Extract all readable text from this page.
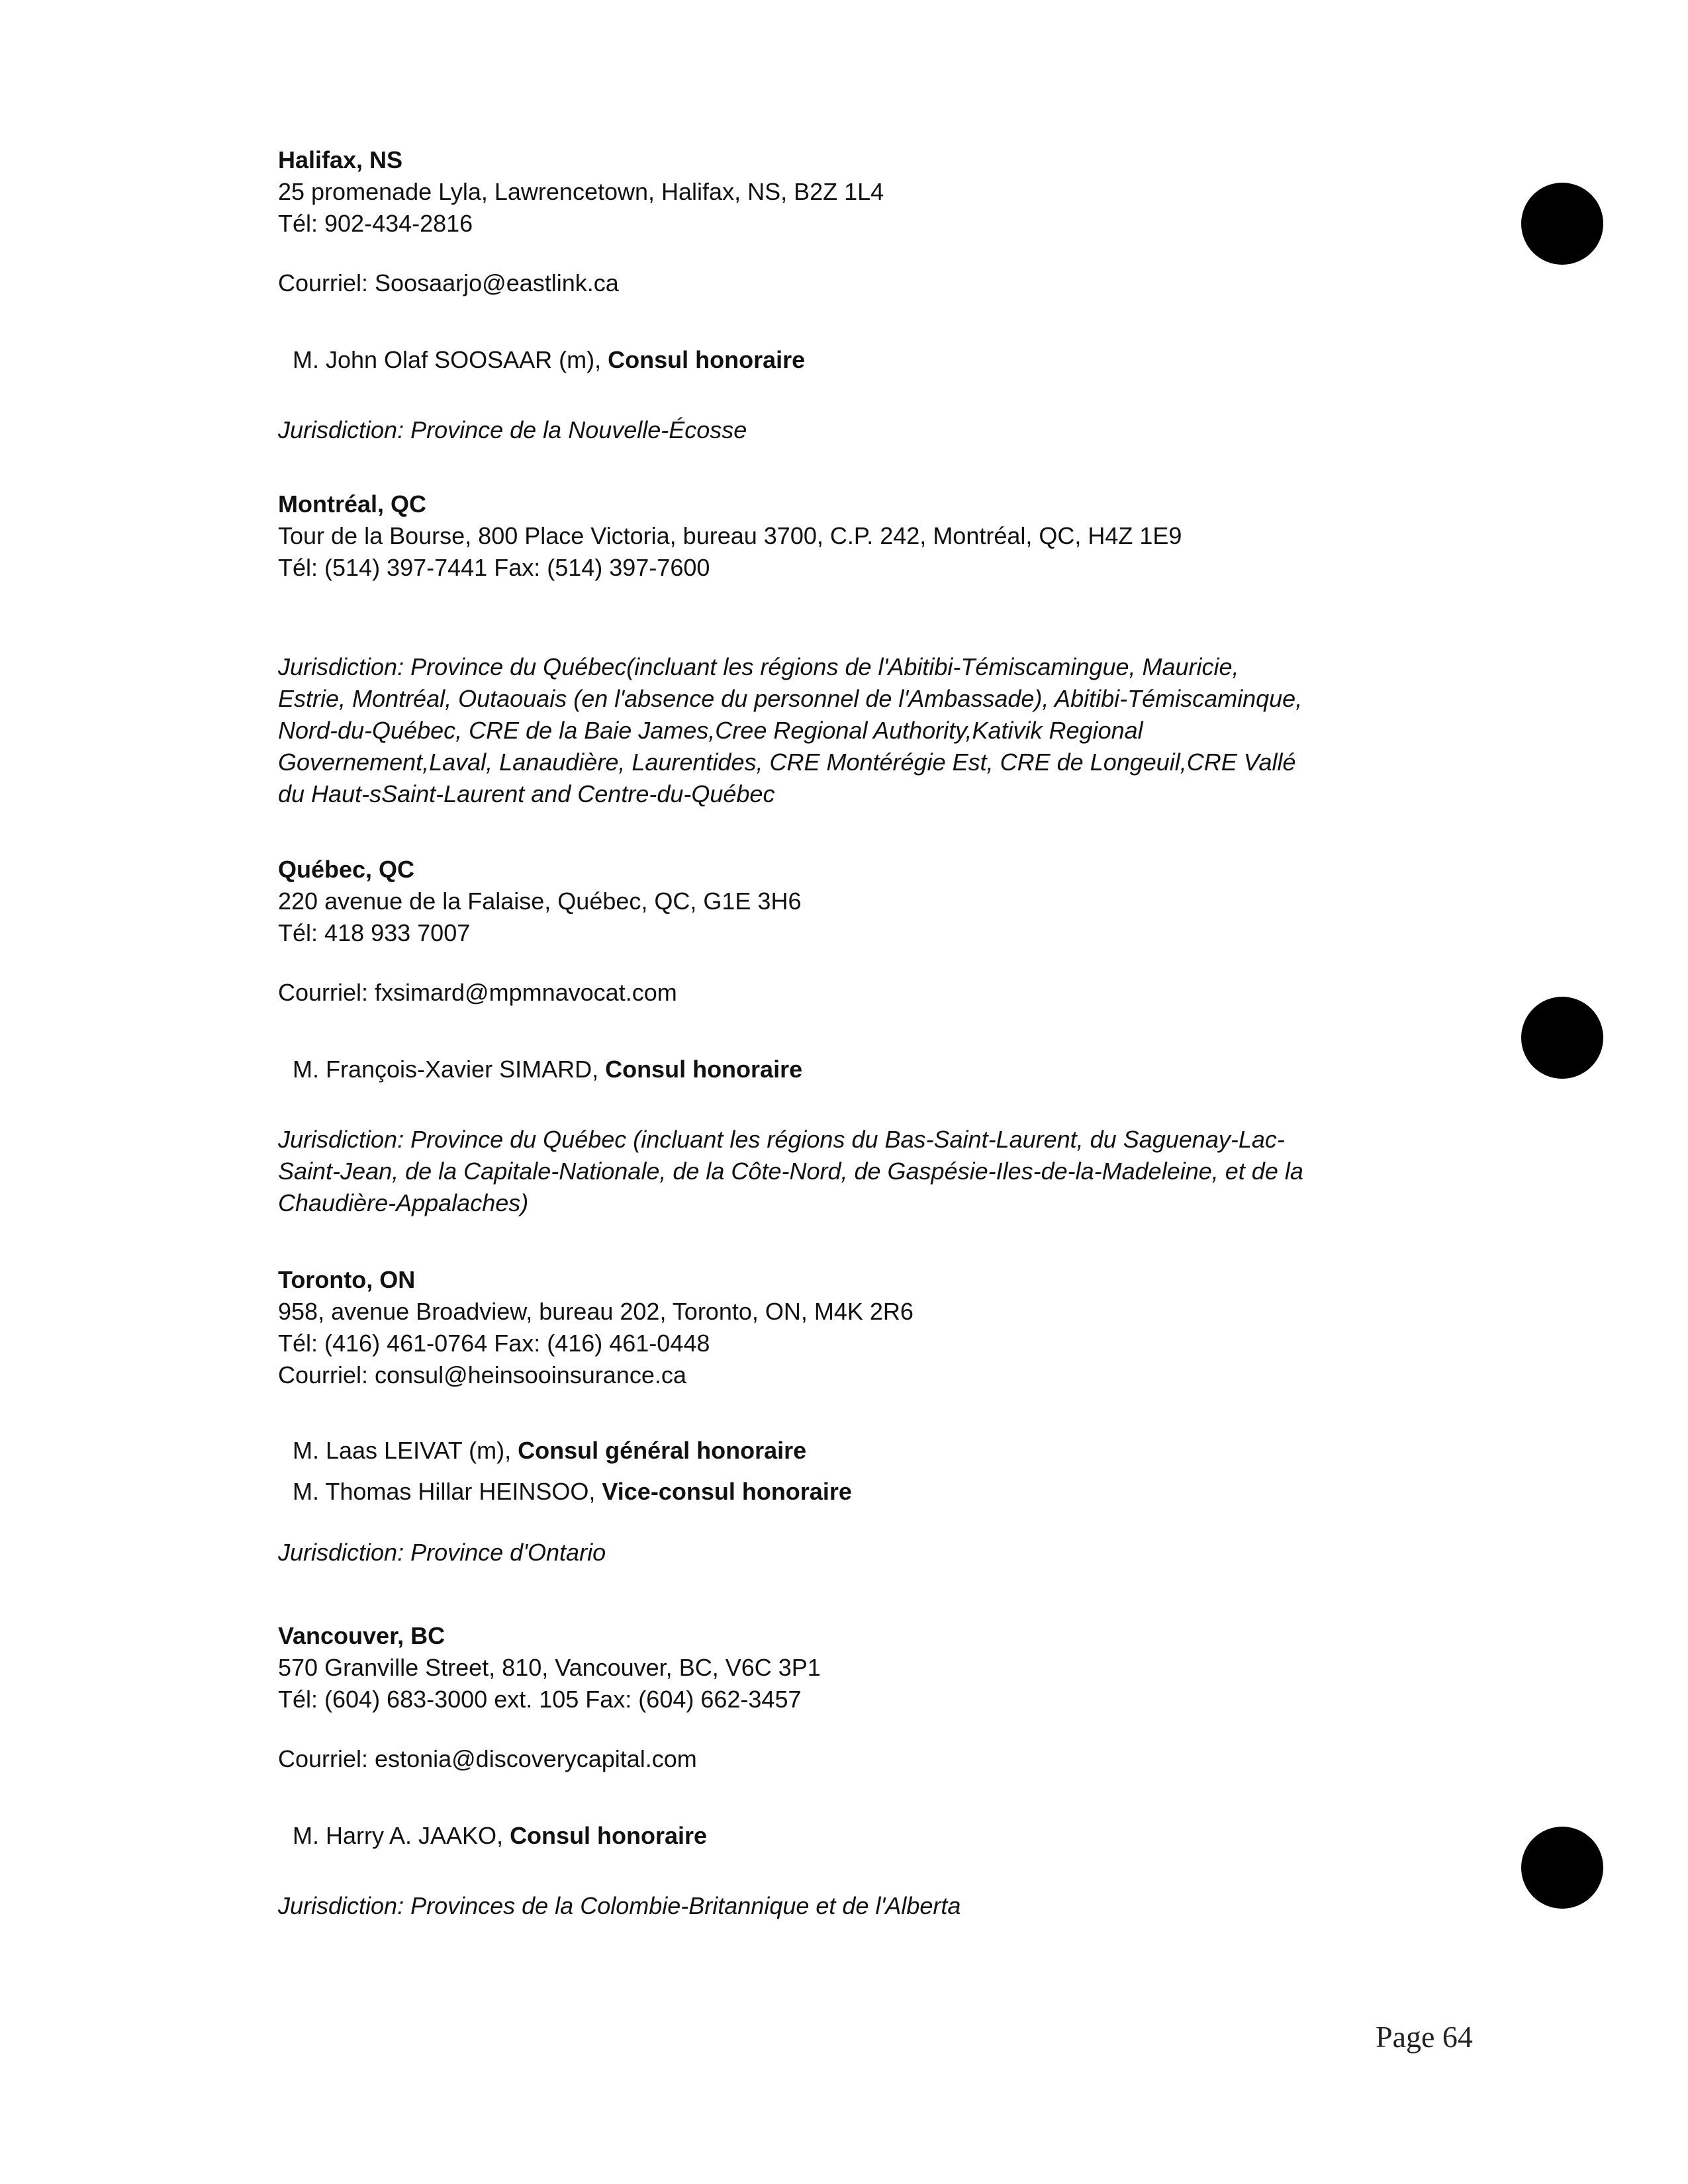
Halifax, NS
25 promenade Lyla, Lawrencetown, Halifax, NS, B2Z 1L4
Tél: 902-434-2816
Courriel: Soosaarjo@eastlink.ca
M. John Olaf SOOSAAR (m), Consul honoraire
Jurisdiction: Province de la Nouvelle-Écosse
Montréal, QC
Tour de la Bourse, 800 Place Victoria, bureau 3700, C.P. 242, Montréal, QC, H4Z 1E9
Tél: (514) 397-7441 Fax: (514) 397-7600
Jurisdiction: Province du Québec(incluant les régions de l'Abitibi-Témiscamingue, Mauricie,
Estrie, Montréal, Outaouais (en l'absence du personnel de l'Ambassade), Abitibi-Témiscaminque,
Nord-du-Québec, CRE de la Baie James,Cree Regional Authority,Kativik Regional
Governement,Laval, Lanaudière, Laurentides, CRE Montérégie Est, CRE de Longeuil,CRE Vallé
du Haut-sSaint-Laurent and Centre-du-Québec
Québec, QC
220 avenue de la Falaise, Québec, QC, G1E 3H6
Tél: 418 933 7007
Courriel: fxsimard@mpmnavocat.com
M. François-Xavier SIMARD, Consul honoraire
Jurisdiction: Province du Québec (incluant les régions du Bas-Saint-Laurent, du Saguenay-Lac-
Saint-Jean, de la Capitale-Nationale, de la Côte-Nord, de Gaspésie-Iles-de-la-Madeleine, et de la
Chaudière-Appalaches)
Toronto, ON
958, avenue Broadview, bureau 202, Toronto, ON, M4K 2R6
Tél: (416) 461-0764 Fax: (416) 461-0448
Courriel: consul@heinsooinsurance.ca
M. Laas LEIVAT (m), Consul général honoraire
M. Thomas Hillar HEINSOO, Vice-consul honoraire
Jurisdiction: Province d'Ontario
Vancouver, BC
570 Granville Street, 810, Vancouver, BC, V6C 3P1
Tél: (604) 683-3000 ext. 105 Fax: (604) 662-3457
Courriel: estonia@discoverycapital.com
M. Harry A. JAAKO, Consul honoraire
Jurisdiction: Provinces de la Colombie-Britannique et de l'Alberta
Page 64
